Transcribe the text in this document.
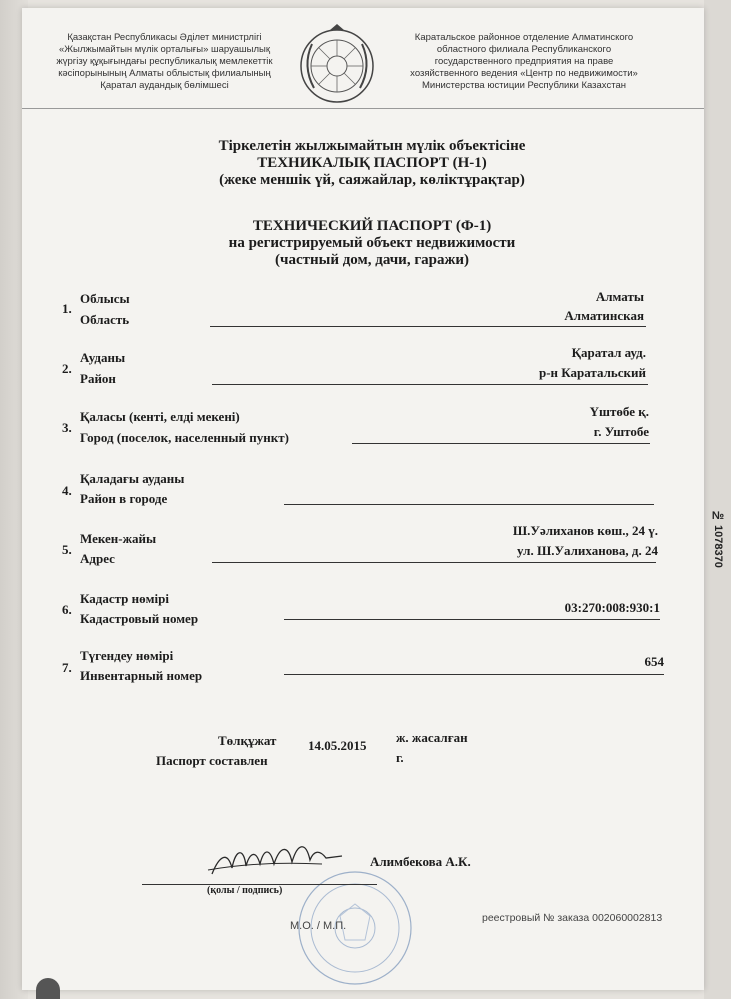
№ 1078370
Қазақстан Республикасы Әділет министрлігі
«Жылжымайтын мүлік орталығы» шаруашылық
жүргізу құқығындағы республикалық мемлекеттік
кәсіпорынының Алматы облыстық филиалының
Қаратал аудандық бөлімшесі
Каратальское районное отделение Алматинского
областного филиала Республиканского
государственного предприятия на праве
хозяйственного ведения «Центр по недвижимости»
Министерства юстиции Республики Казахстан
Тіркелетін жылжымайтын мүлік объектісіне
ТЕХНИКАЛЫҚ ПАСПОРТ (Н-1)
(жеке меншік үй, саяжайлар, көліктұрақтар)
ТЕХНИЧЕСКИЙ ПАСПОРТ (Ф-1)
на регистрируемый объект недвижимости
(частный дом, дачи, гаражи)
1.
Облысы
Область
Алматы
Алматинская
2.
Ауданы
Район
Қаратал ауд.
р-н Каратальский
3.
Қаласы (кенті, елді мекені)
Город (поселок, населенный пункт)
Үштөбе қ.
г. Уштобе
4.
Қаладағы ауданы
Район в городе
5.
Мекен-жайы
Адрес
Ш.Уәлиханов көш., 24 ү.
ул. Ш.Уалиханова, д. 24
6.
Кадастр нөмірі
Кадастровый номер
03:270:008:930:1
7.
Түгендеу нөмірі
Инвентарный номер
654
Төлқұжат
Паспорт составлен
14.05.2015
ж. жасалған
г.
(қолы / подпись)
Алимбекова А.К.
М.О. / М.П.
реестровый № заказа 002060002813
